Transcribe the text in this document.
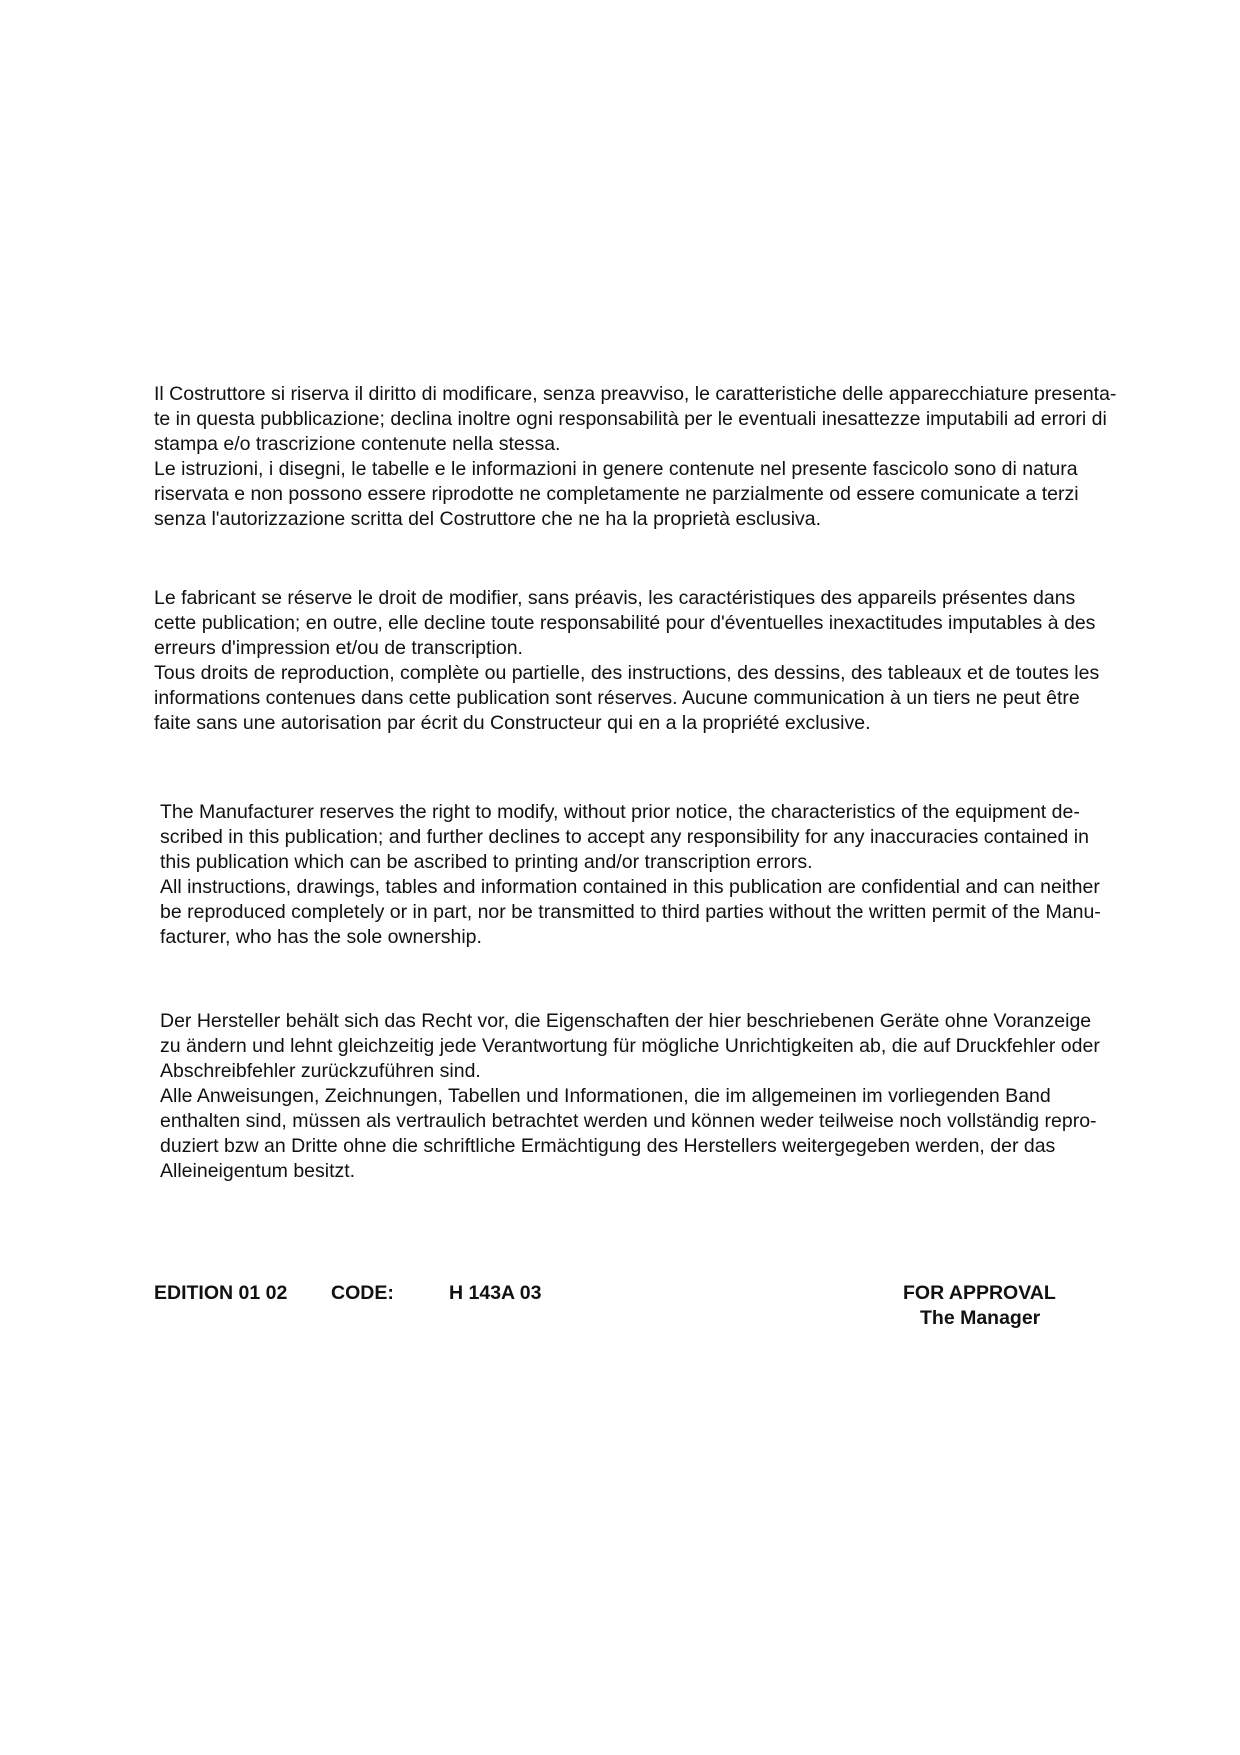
Il Costruttore si riserva il diritto di modificare, senza preavviso, le caratteristiche delle apparecchiature presenta-
te in questa pubblicazione; declina inoltre ogni responsabilità per le eventuali inesattezze imputabili ad errori di
stampa e/o trascrizione contenute nella stessa.
Le istruzioni, i disegni, le tabelle e le informazioni in genere contenute nel presente fascicolo sono di natura
riservata e non possono essere riprodotte ne completamente ne parzialmente od essere comunicate a terzi
senza l'autorizzazione scritta del Costruttore che ne ha la proprietà esclusiva.
Le fabricant se réserve le droit de modifier, sans préavis, les caractéristiques des appareils présentes dans
cette publication; en outre, elle decline toute responsabilité pour d'éventuelles inexactitudes imputables à des
erreurs d'impression et/ou de transcription.
Tous droits de reproduction, complète ou partielle, des instructions, des dessins, des tableaux et de toutes les
informations contenues dans cette publication sont réserves. Aucune communication à un tiers ne peut être
faite sans une autorisation par écrit du Constructeur qui en a la propriété exclusive.
The Manufacturer reserves the right to modify, without prior notice, the characteristics of the equipment de-
scribed in this publication; and further declines to accept any responsibility for any inaccuracies contained in
this publication which can be ascribed to printing and/or transcription errors.
All instructions, drawings, tables and information contained in this publication are confidential and can neither
be reproduced completely or in part, nor be transmitted to third parties without the written permit of the Manu-
facturer, who has the sole ownership.
Der Hersteller behält sich das Recht vor, die Eigenschaften der hier beschriebenen Geräte ohne Voranzeige
zu ändern und lehnt gleichzeitig jede Verantwortung für mögliche Unrichtigkeiten ab, die auf Druckfehler oder
Abschreibfehler zurückzuführen sind.
Alle Anweisungen, Zeichnungen, Tabellen und Informationen, die im allgemeinen im vorliegenden Band
enthalten sind, müssen als vertraulich betrachtet werden und können weder teilweise noch vollständig repro-
duziert bzw an Dritte ohne die schriftliche Ermächtigung des Herstellers weitergegeben werden, der das
Alleineigentum besitzt.
EDITION 01 02 CODE:	H 143A 03	FOR APPROVAL
The Manager
